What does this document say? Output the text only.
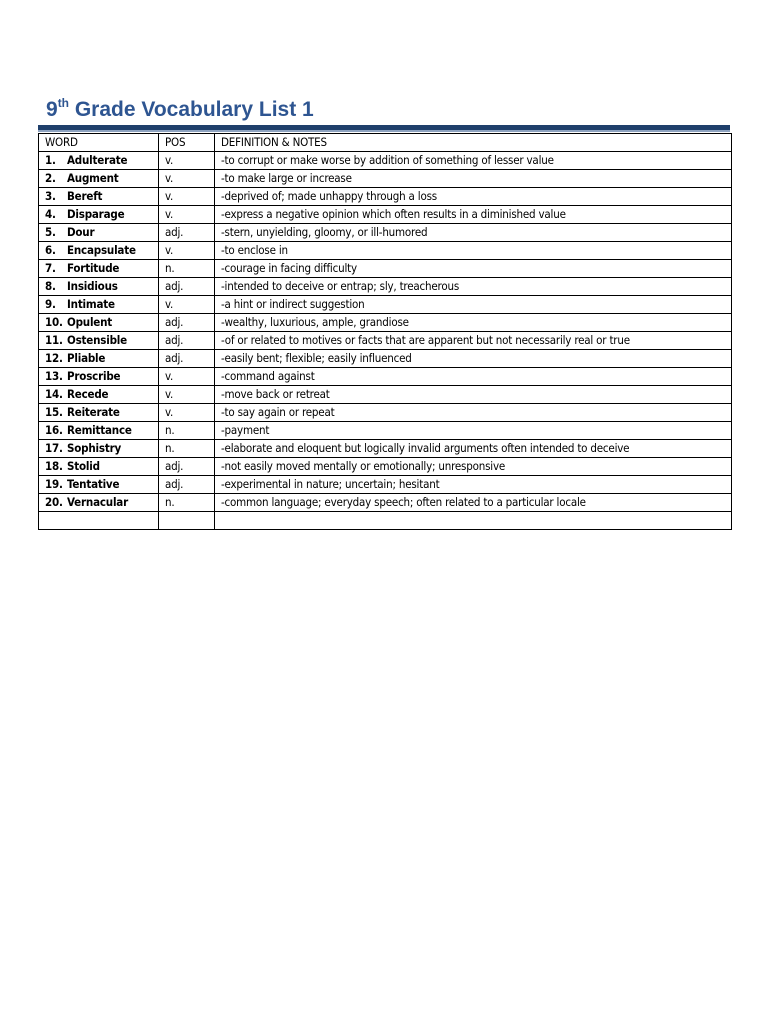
9th Grade Vocabulary List 1
WORD	POS	DEFINITION & NOTES
1. Adulterate	v.	-to corrupt or make worse by addition of something of lesser value
2. Augment	v.	-to make large or increase
3. Bereft	v.	-deprived of; made unhappy through a loss
4. Disparage	v.	-express a negative opinion which often results in a diminished value
5. Dour	adj.	-stern, unyielding, gloomy, or ill-humored
6. Encapsulate	v.	-to enclose in
7. Fortitude	n.	-courage in facing difficulty
8. Insidious	adj.	-intended to deceive or entrap; sly, treacherous
9. Intimate	v.	-a hint or indirect suggestion
10. Opulent	adj.	-wealthy, luxurious, ample, grandiose
11. Ostensible	adj.	-of or related to motives or facts that are apparent but not necessarily real or true
12. Pliable	adj.	-easily bent; flexible; easily influenced
13. Proscribe	v.	-command against
14. Recede	v.	-move back or retreat
15. Reiterate	v.	-to say again or repeat
16. Remittance	n.	-payment
17. Sophistry	n.	-elaborate and eloquent but logically invalid arguments often intended to deceive
18. Stolid	adj.	-not easily moved mentally or emotionally; unresponsive
19. Tentative	adj.	-experimental in nature; uncertain; hesitant
20. Vernacular	n.	-common language; everyday speech; often related to a particular locale
